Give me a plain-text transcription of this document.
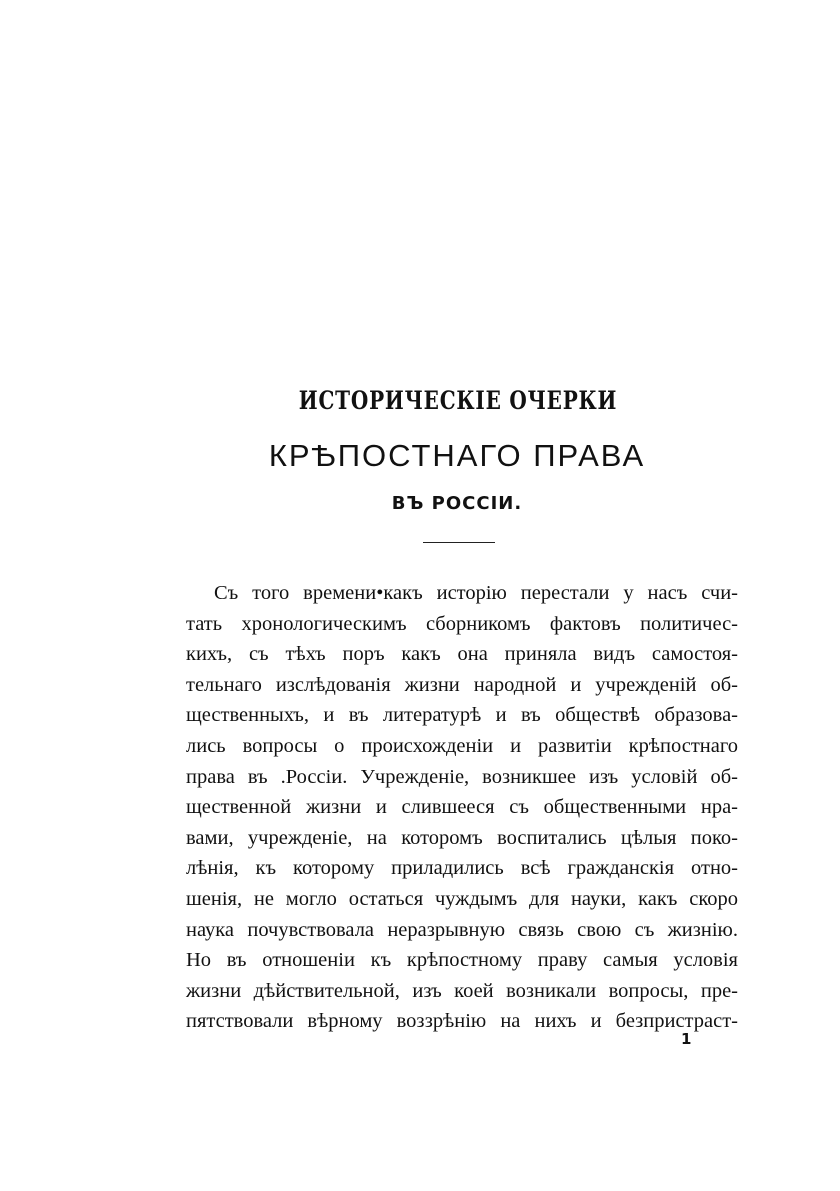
ИСТОРИЧЕСКІЕ ОЧЕРКИ
КРѢПОСТНАГО ПРАВА
ВЪ РОССІИ.
Съ того времени•какъ исторію перестали у насъ счи-
тать хронологическимъ сборникомъ фактовъ политичес-
кихъ, съ тѣхъ поръ какъ она приняла видъ самостоя-
тельнаго изслѣдованія жизни народной и учрежденій об-
щественныхъ, и въ литературѣ и въ обществѣ образова-
лись вопросы о происхожденіи и развитіи крѣпостнаго
права въ .Россіи. Учрежденіе, возникшее изъ условій об-
щественной жизни и слившееся съ общественными нра-
вами, учрежденіе, на которомъ воспитались цѣлыя поко-
лѣнія, къ которому приладились всѣ гражданскія отно-
шенія, не могло остаться чуждымъ для науки, какъ скоро
наука почувствовала неразрывную связь свою съ жизнію.
Но въ отношеніи къ крѣпостному праву самыя условія
жизни дѣйствительной, изъ коей возникали вопросы, пре-
пятствовали вѣрному воззрѣнію на нихъ и безпристраст-
1
